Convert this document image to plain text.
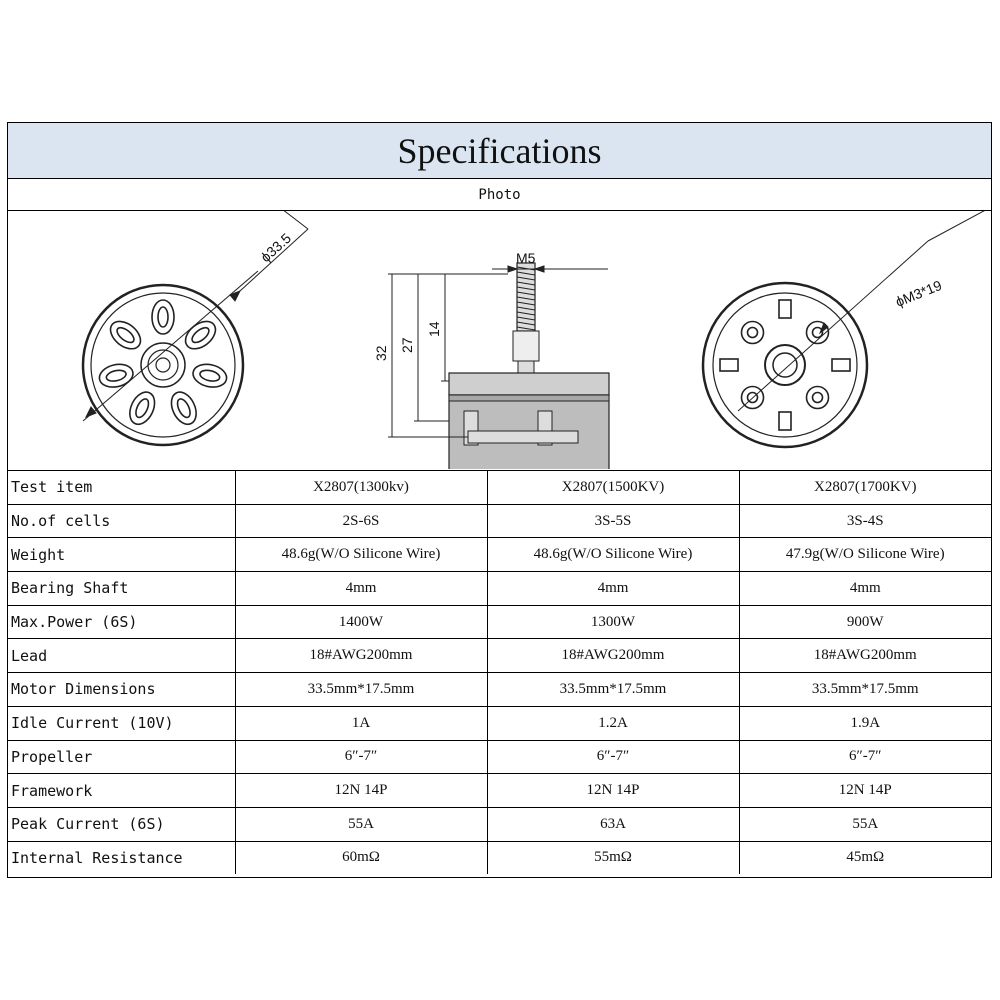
Specifications
Photo
ϕ33.5	M5
32
27
14
ϕM3*19
Test item	X2807(1300kv)	X2807(1500KV)	X2807(1700KV)
No.of cells	2S-6S	3S-5S	3S-4S
Weight	48.6g(W/O Silicone Wire)	48.6g(W/O Silicone Wire)	47.9g(W/O Silicone Wire)
Bearing Shaft	4mm	4mm	4mm
Max.Power (6S)	1400W	1300W	900W
Lead	18#AWG200mm	18#AWG200mm	18#AWG200mm
Motor Dimensions	33.5mm*17.5mm	33.5mm*17.5mm	33.5mm*17.5mm
Idle Current (10V)	1A	1.2A	1.9A
Propeller	6″-7″	6″-7″	6″-7″
Framework	12N 14P	12N 14P	12N 14P
Peak Current (6S)	55A	63A	55A
Internal Resistance	60mΩ	55mΩ	45mΩ
